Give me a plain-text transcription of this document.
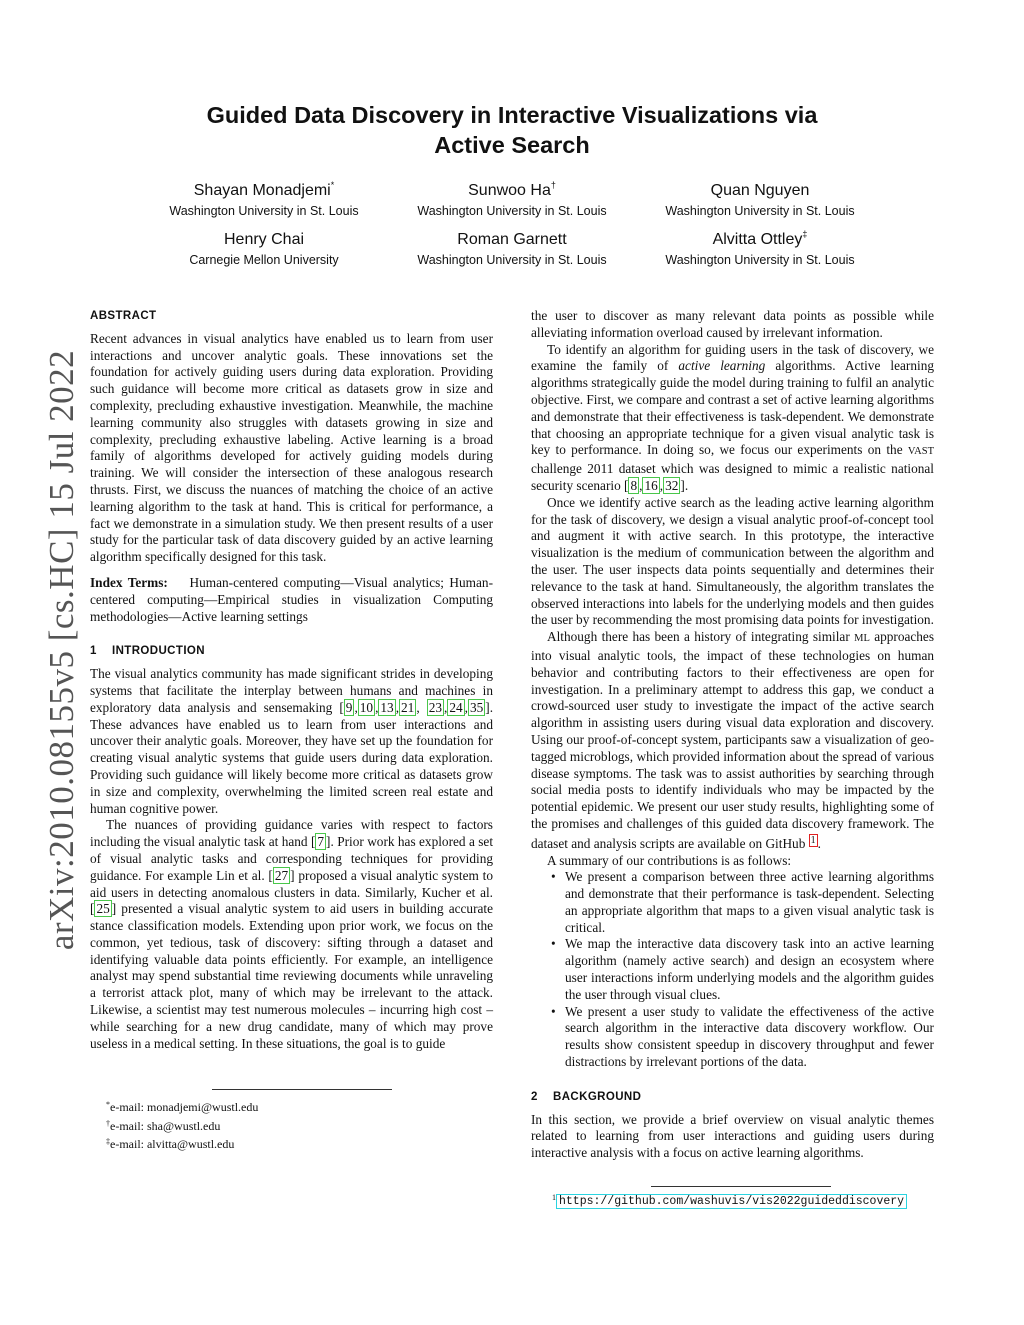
arXiv:2010.08155v5 [cs.HC] 15 Jul 2022
Guided Data Discovery in Interactive Visualizations via
Active Search
Shayan Monadjemi*
Washington University in St. Louis
Sunwoo Ha†
Washington University in St. Louis
Quan Nguyen
Washington University in St. Louis
Henry Chai
Carnegie Mellon University
Roman Garnett
Washington University in St. Louis
Alvitta Ottley‡
Washington University in St. Louis
ABSTRACT

Recent advances in visual analytics have enabled us to learn from user interactions and uncover analytic goals. These innovations set the foundation for actively guiding users during data exploration. Providing such guidance will become more critical as datasets grow in size and complexity, precluding exhaustive investigation. Meanwhile, the machine learning community also struggles with datasets growing in size and complexity, precluding exhaustive labeling. Active learning is a broad family of algorithms developed for actively guiding models during training. We will consider the intersection of these analogous research thrusts. First, we discuss the nuances of matching the choice of an active learning algorithm to the task at hand. This is critical for performance, a fact we demonstrate in a simulation study. We then present results of a user study for the particular task of data discovery guided by an active learning algorithm specifically designed for this task.

Index Terms: Human-centered computing—Visual analytics; Human-centered computing—Empirical studies in visualization Computing methodologies—Active learning settings

1 INTRODUCTION

The visual analytics community has made significant strides in developing systems that facilitate the interplay between humans and machines in exploratory data analysis and sensemaking [ 9 , 10 , 13 , 21 , 23 , 24 , 35 ]. These advances have enabled us to learn from user interactions and uncover their analytic goals. Moreover, they have set up the foundation for creating visual analytic systems that guide users during data exploration. Providing such guidance will likely become more critical as datasets grow in size and complexity, overwhelming the limited screen real estate and human cognitive power.

The nuances of providing guidance varies with respect to factors including the visual analytic task at hand [ 7 ]. Prior work has explored a set of visual analytic tasks and corresponding techniques for providing guidance. For example Lin et al. [ 27 ] proposed a visual analytic system to aid users in detecting anomalous clusters in data. Similarly, Kucher et al. [ 25 ] presented a visual analytic system to aid users in building accurate stance classification models. Extending upon prior work, we focus on the common, yet tedious, task of discovery: sifting through a dataset and identifying valuable data points efficiently. For example, an intelligence analyst may spend substantial time reviewing documents while unraveling a terrorist attack plot, many of which may be irrelevant to the attack. Likewise, a scientist may test numerous molecules – incurring high cost – while searching for a new drug candidate, many of which may prove useless in a medical setting. In these situations, the goal is to guide

*e-mail: monadjemi@wustl.edu
†e-mail: sha@wustl.edu
‡e-mail: alvitta@wustl.edu

the user to discover as many relevant data points as possible while alleviating information overload caused by irrelevant information.

To identify an algorithm for guiding users in the task of discovery, we examine the family of active learning algorithms. Active learning algorithms strategically guide the model during training to fulfil an analytic objective. First, we compare and contrast a set of active learning algorithms and demonstrate that their effectiveness is task-dependent. We demonstrate that choosing an appropriate technique for a given visual analytic task is key to performance. In doing so, we focus our experiments on the VAST challenge 2011 dataset which was designed to mimic a realistic national security scenario [ 8 , 16 , 32 ].

Once we identify active search as the leading active learning algorithm for the task of discovery, we design a visual analytic proof-of-concept tool and augment it with active search. In this prototype, the interactive visualization is the medium of communication between the algorithm and the user. The user inspects data points sequentially and determines their relevance to the task at hand. Simultaneously, the algorithm translates the observed interactions into labels for the underlying models and then guides the user by recommending the most promising data points for investigation.

Although there has been a history of integrating similar ML approaches into visual analytic tools, the impact of these technologies on human behavior and contributing factors to their effectiveness are open for investigation. In a preliminary attempt to address this gap, we conduct a crowd-sourced user study to investigate the impact of the active search algorithm in assisting users during visual data exploration and discovery. Using our proof-of-concept system, participants saw a visualization of geo-tagged microblogs, which provided information about the spread of various disease symptoms. The task was to assist authorities by searching through social media posts to identify individuals who may be impacted by the potential epidemic. We present our user study results, highlighting some of the promises and challenges of this guided data discovery framework. The dataset and analysis scripts are available on GitHub $^1$ .

A summary of our contributions is as follows:

• We present a comparison between three active learning algorithms and demonstrate that their performance is task-dependent. Selecting an appropriate algorithm that maps to a given visual analytic task is critical.
• We map the interactive data discovery task into an active learning algorithm (namely active search) and design an ecosystem where user interactions inform underlying models and the algorithm guides the user through visual clues.
• We present a user study to validate the effectiveness of the active search algorithm in the interactive data discovery workflow. Our results show consistent speedup in discovery throughput and fewer distractions by irrelevant portions of the data.
2 BACKGROUND

In this section, we provide a brief overview on visual analytic themes related to learning from user interactions and guiding users during interactive analysis with a focus on active learning algorithms.

$^1$ https://github.com/washuvis/vis2022guideddiscovery
